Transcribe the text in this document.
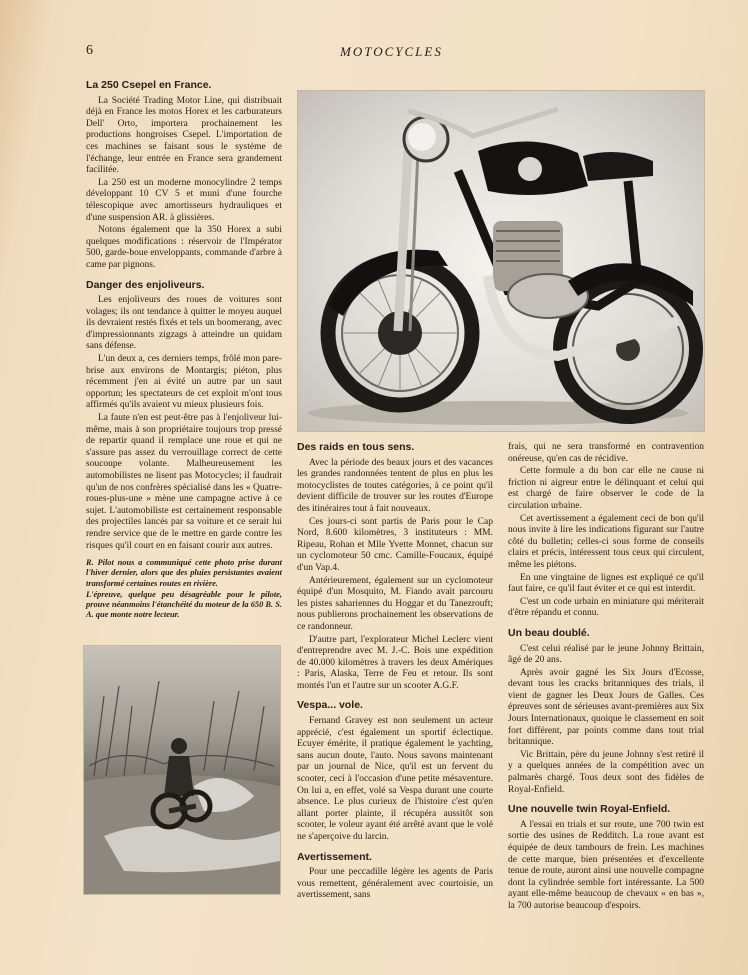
6	MOTOCYCLES
La 250 Csepel en France.

La Société Trading Motor Line, qui distribuait déjà en France les motos Horex et les carburateurs Dell' Orto, importera prochainement les productions hongroises Csepel. L'importation de ces machines se faisant sous le système de l'échange, leur entrée en France sera grandement facilitée.

La 250 est un moderne monocylindre 2 temps développant 10 CV 5 et muni d'une fourche télescopique avec amortisseurs hydrauliques et d'une suspension AR. à glissières.

Notons également que la 350 Horex a subi quelques modifications : réservoir de l'Impérator 500, garde-boue enveloppants, commande d'arbre à came par pignons.

Danger des enjoliveurs.

Les enjoliveurs des roues de voitures sont volages; ils ont tendance à quitter le moyeu auquel ils devraient restés fixés et tels un boomerang, avec d'impressionnants zigzags à atteindre un quidam sans défense.

L'un deux a, ces derniers temps, frôlé mon pare-brise aux environs de Montargis; piéton, plus récemment j'en ai évité un autre par un saut opportun; les spectateurs de cet exploit m'ont tous affirmés qu'ils avaient vu mieux plusieurs fois.

La faute n'en est peut-être pas à l'enjoliveur lui-même, mais à son propriétaire toujours trop pressé de repartir quand il remplace une roue et qui ne s'assure pas assez du verrouillage correct de cette soucoupe volante. Malheureusement les automobilistes ne lisent pas Motocycles; il faudrait qu'un de nos confrères spécialisé dans les « Quatre-roues-plus-une » mène une campagne active à ce sujet. L'automobiliste est certainement responsable des projectiles lancés par sa voiture et ce serait lui rendre service que de le mettre en garde contre les risques qu'il court en en faisant courir aux autres.

R. Pilot nous a communiqué cette photo prise durant l'hiver dernier, alors que des pluies persistantes avaient transformé certaines routes en rivière.

L'épreuve, quelque peu désagréable pour le pilote, prouve néanmoins l'étanchéité du moteur de la 650 B. S. A. que monte notre lecteur.

Des raids en tous sens.

Avec la période des beaux jours et des vacances les grandes randonnées tentent de plus en plus les motocyclistes de toutes catégories, à ce point qu'il devient difficile de trouver sur les routes d'Europe des itinéraires tout à fait nouveaux.

Ces jours-ci sont partis de Paris pour le Cap Nord, 8.600 kilomètres, 3 instituteurs : MM. Ripeau, Rohan et Mlle Yvette Monnet, chacun sur un cyclomoteur 50 cmc. Camille-Foucaux, équipé d'un Vap.4.

Antérieurement, également sur un cyclomoteur équipé d'un Mosquito, M. Fiando avait parcouru les pistes sahariennes du Hoggar et du Tanezrouft; nous publierons prochainement les observations de ce randonneur.

D'autre part, l'explorateur Michel Leclerc vient d'entreprendre avec M. J.-C. Bois une expédition de 40.000 kilomètres à travers les deux Amériques : Paris, Alaska, Terre de Feu et retour. Ils sont montés l'un et l'autre sur un scooter A.G.F.

Vespa... vole.

Fernand Gravey est non seulement un acteur apprécié, c'est également un sportif éclectique. Ecuyer émérite, il pratique également le yachting, sans aucun doute, l'auto. Nous savons maintenant par un journal de Nice, qu'il est un fervent du scooter, ceci à l'occasion d'une petite mésaventure. On lui a, en effet, volé sa Vespa durant une courte absence. Le plus curieux de l'histoire c'est qu'en allant porter plainte, il récupéra aussitôt son scooter, le voleur ayant été arrêté avant que le volé ne s'aperçoive du larcin.

Avertissement.

Pour une peccadille légère les agents de Paris vous remettent, généralement avec courtoisie, un avertissement, sans

frais, qui ne sera transformé en contravention onéreuse, qu'en cas de récidive.

Cette formule a du bon car elle ne cause ni friction ni aigreur entre le délinquant et celui qui est chargé de faire observer le code de la circulation urbaine.

Cet avertissement a également ceci de bon qu'il nous invite à lire les indications figurant sur l'autre côté du bulletin; celles-ci sous forme de conseils clairs et précis, intéressent tous ceux qui circulent, même les piétons.

En une vingtaine de lignes est expliqué ce qu'il faut faire, ce qu'il faut éviter et ce qui est interdit.

C'est un code urbain en miniature qui mériterait d'être répandu et connu.

Un beau doublé.

C'est celui réalisé par le jeune Johnny Brittain, âgé de 20 ans.

Après avoir gagné les Six Jours d'Ecosse, devant tous les cracks britanniques des trials, il vient de gagner les Deux Jours de Galles. Ces épreuves sont de sérieuses avant-premières aux Six Jours Internationaux, quoique le classement en soit fort différent, par points comme dans tout trial britannique.

Vic Brittain, père du jeune Johnny s'est retiré il y a quelques années de la compétition avec un palmarès chargé. Tous deux sont des fidèles de Royal-Enfield.

Une nouvelle twin Royal-Enfield.

A l'essai en trials et sur route, une 700 twin est sortie des usines de Redditch. La roue avant est équipée de deux tambours de frein. Les machines de cette marque, bien présentées et d'excellente tenue de route, auront ainsi une nouvelle compagne dont la cylindrée semble fort intéressante. La 500 ayant elle-même beaucoup de chevaux « en bas », la 700 autorise beaucoup d'espoirs.
